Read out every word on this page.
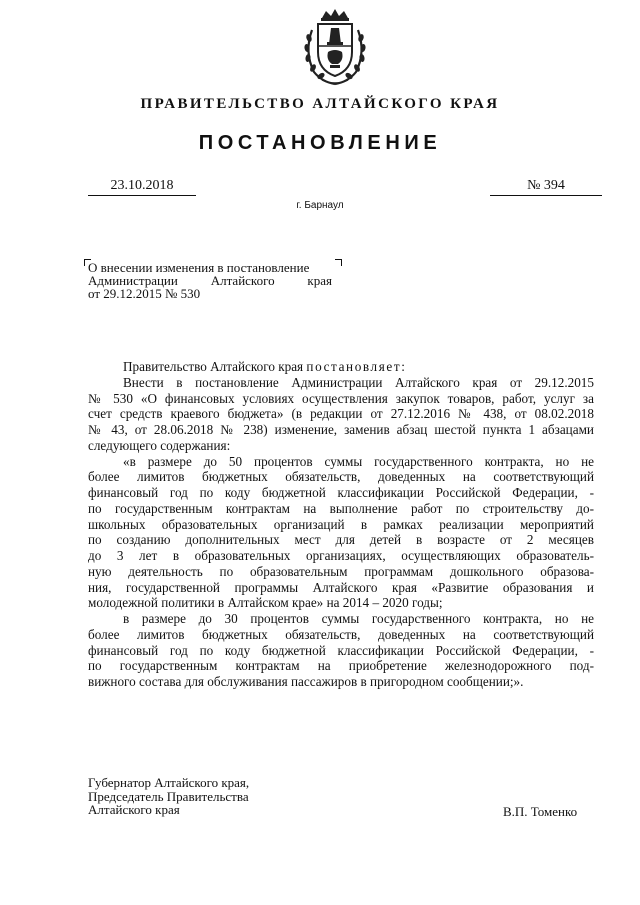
ПРАВИТЕЛЬСТВО АЛТАЙСКОГО КРАЯ
ПОСТАНОВЛЕНИЕ
23.10.2018	№ 394
г. Барнаул
О внесении изменения в постановление
Администрации Алтайского края
от 29.12.2015 № 530
Правительство Алтайского края постановляет:
Внести в постановление Администрации Алтайского края от 29.12.2015
№ 530 «О финансовых условиях осуществления закупок товаров, работ, услуг за
счет средств краевого бюджета» (в редакции от 27.12.2016 № 438, от 08.02.2018
№ 43, от 28.06.2018 № 238) изменение, заменив абзац шестой пункта 1 абзацами
следующего содержания:
«в размере до 50 процентов суммы государственного контракта, но не
более лимитов бюджетных обязательств, доведенных на соответствующий
финансовый год по коду бюджетной классификации Российской Федерации, -
по государственным контрактам на выполнение работ по строительству до-
школьных образовательных организаций в рамках реализации мероприятий
по созданию дополнительных мест для детей в возрасте от 2 месяцев
до 3 лет в образовательных организациях, осуществляющих образователь-
ную деятельность по образовательным программам дошкольного образова-
ния, государственной программы Алтайского края «Развитие образования и
молодежной политики в Алтайском крае» на 2014 – 2020 годы;
в размере до 30 процентов суммы государственного контракта, но не
более лимитов бюджетных обязательств, доведенных на соответствующий
финансовый год по коду бюджетной классификации Российской Федерации, -
по государственным контрактам на приобретение железнодорожного под-
вижного состава для обслуживания пассажиров в пригородном сообщении;».
Губернатор Алтайского края,
Председатель Правительства
Алтайского края	В.П. Томенко
